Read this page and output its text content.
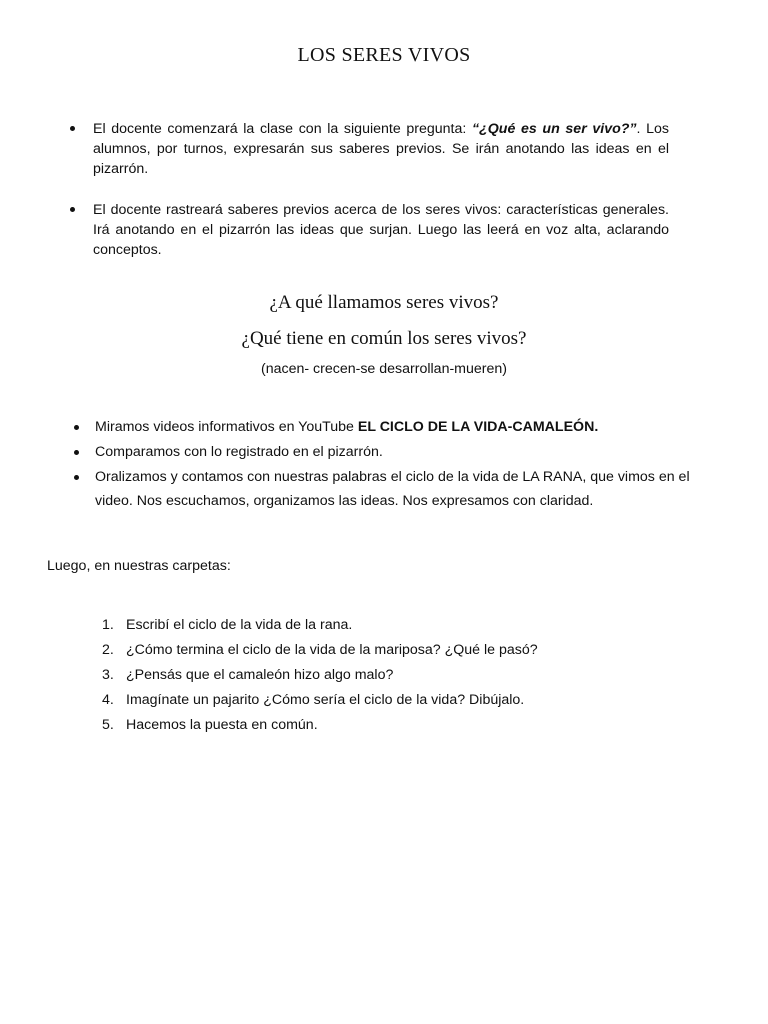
LOS SERES VIVOS
El docente comenzará la clase con la siguiente pregunta: “¿Qué es un ser vivo?”. Los alumnos, por turnos, expresarán sus saberes previos. Se irán anotando las ideas en el pizarrón.
El docente rastreará saberes previos acerca de los seres vivos: características generales. Irá anotando en el pizarrón las ideas que surjan. Luego las leerá en voz alta, aclarando conceptos.
¿A qué llamamos seres vivos?
¿Qué tiene en común los seres vivos?
(nacen- crecen-se desarrollan-mueren)
Miramos videos informativos en YouTube EL CICLO DE LA VIDA-CAMALEÓN.
Comparamos con lo registrado en el pizarrón.
Oralizamos y contamos con nuestras palabras el ciclo de la vida de LA RANA, que vimos en el video. Nos escuchamos, organizamos las ideas. Nos expresamos con claridad.
Luego, en nuestras carpetas:
1. Escribí el ciclo de la vida de la rana.
2. ¿Cómo termina el ciclo de la vida de la mariposa? ¿Qué le pasó?
3. ¿Pensás que el camaleón hizo algo malo?
4. Imagínate un pajarito ¿Cómo sería el ciclo de la vida? Dibújalo.
5. Hacemos la puesta en común.
